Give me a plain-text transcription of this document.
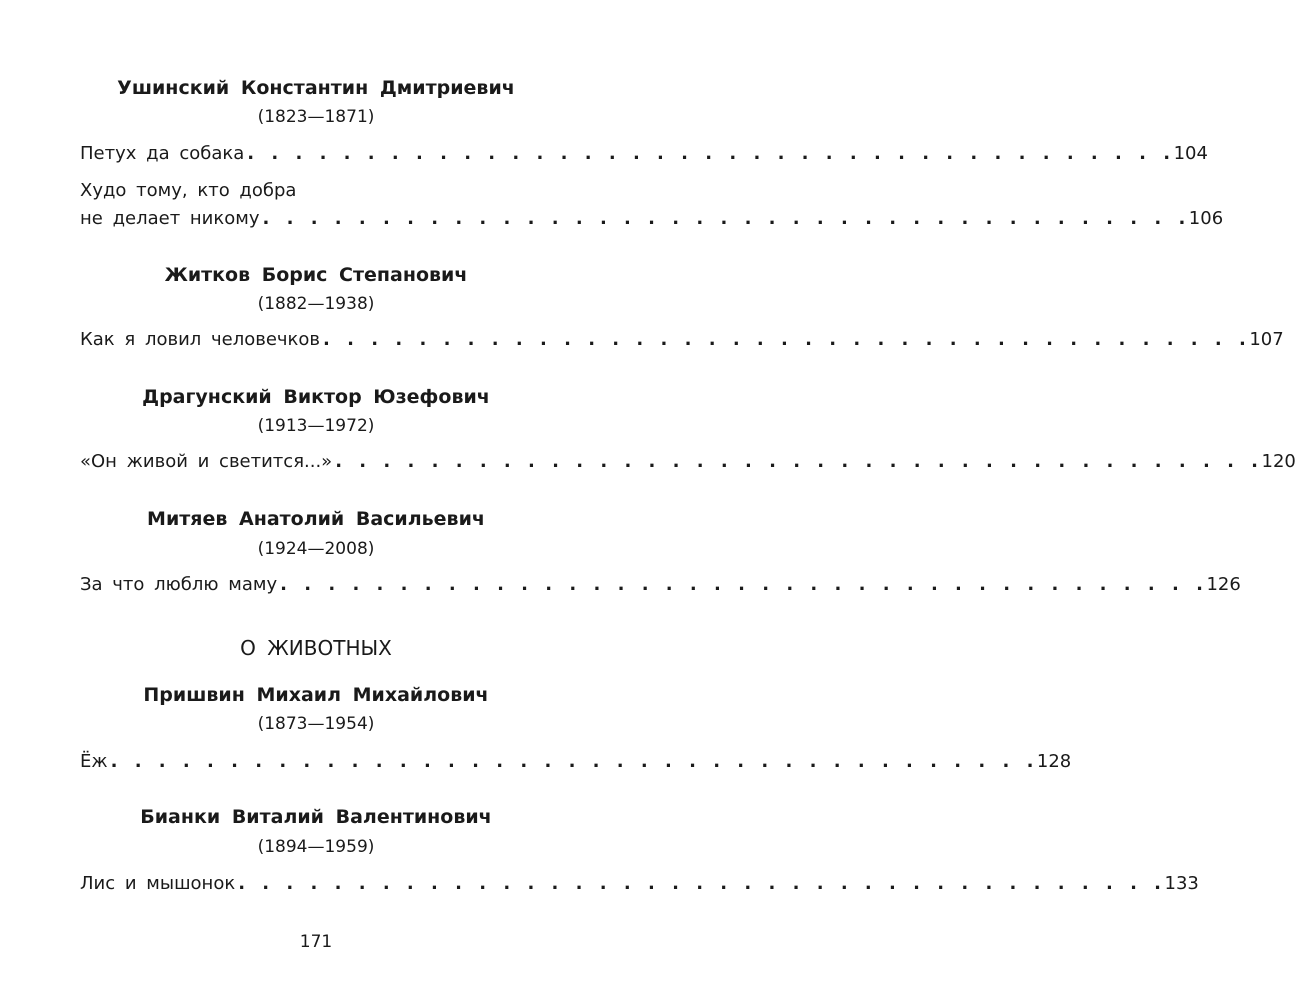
Ушинский Константин Дмитриевич
(1823—1871)
Петух да собака . . . . . . . . . . . . . . . . . . . . . . . . . . . . . . . . . . . . . . . 104
Худо тому, кто добра
не делает никому . . . . . . . . . . . . . . . . . . . . . . . . . . . . . . . . . . . . . . . 106
Житков Борис Степанович
(1882—1938)
Как я ловил человечков . . . . . . . . . . . . . . . . . . . . . . . . . . . . . . . . . . . . . . . 107
Драгунский Виктор Юзефович
(1913—1972)
«Он живой и светится...» . . . . . . . . . . . . . . . . . . . . . . . . . . . . . . . . . . . . . . . 120
Митяев Анатолий Васильевич
(1924—2008)
За что люблю маму . . . . . . . . . . . . . . . . . . . . . . . . . . . . . . . . . . . . . . . 126
О ЖИВОТНЫХ
Пришвин Михаил Михайлович
(1873—1954)
Ёж . . . . . . . . . . . . . . . . . . . . . . . . . . . . . . . . . . . . . . . 128
Бианки Виталий Валентинович
(1894—1959)
Лис и мышонок . . . . . . . . . . . . . . . . . . . . . . . . . . . . . . . . . . . . . . . 133
171
